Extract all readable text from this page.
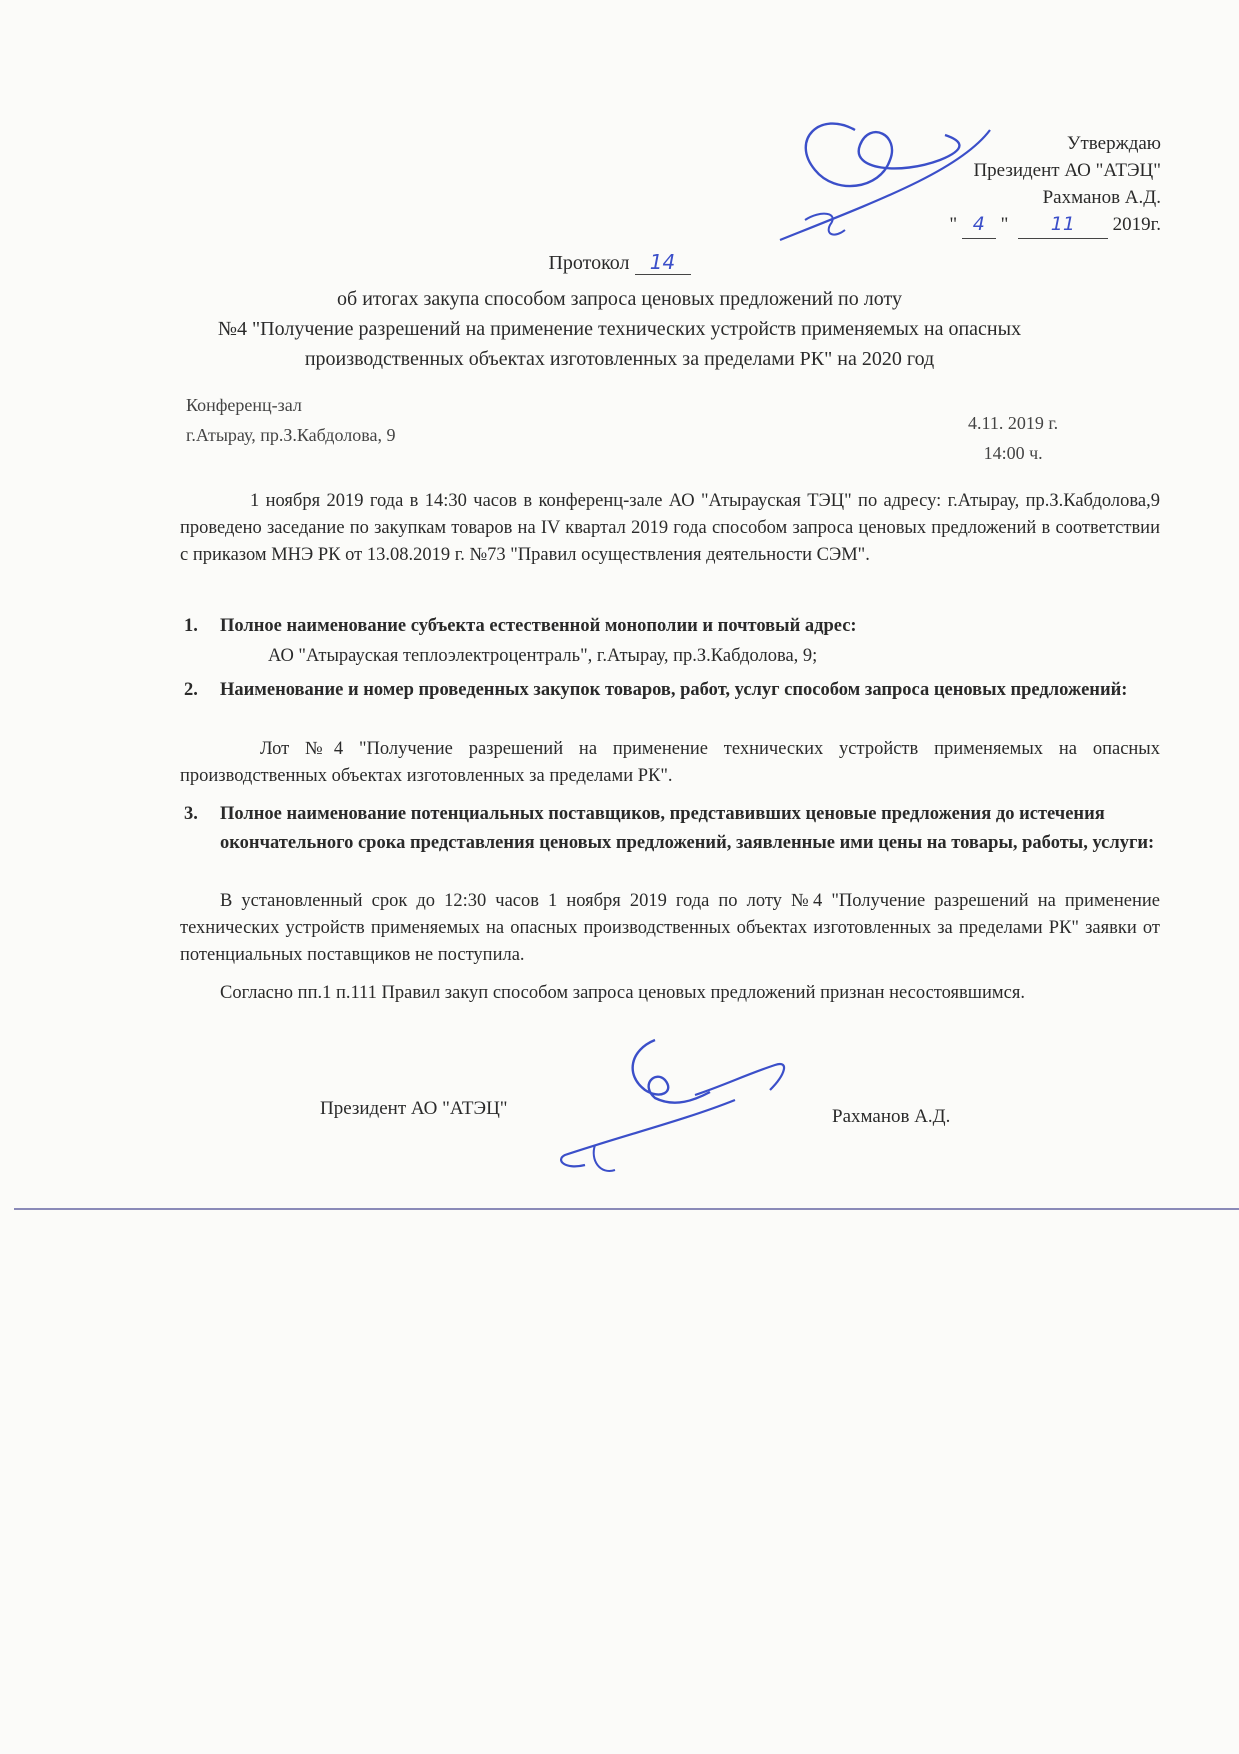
Утверждаю
Президент АО "АТЭЦ"
Рахманов А.Д.
" 4 "  11 2019г.
Протокол 14
об итогах закупа способом запроса ценовых предложений по лоту
№4 "Получение разрешений на применение технических устройств применяемых на опасных
производственных объектах изготовленных за пределами РК" на 2020 год
Конференц-зал
г.Атырау, пр.З.Кабдолова, 9
4.11. 2019 г.
14:00 ч.
1 ноября 2019 года в 14:30 часов в конференц-зале АО "Атырауская ТЭЦ" по адресу: г.Атырау, пр.З.Кабдолова,9 проведено заседание по закупкам товаров на IV квартал 2019 года способом запроса ценовых предложений в соответствии с приказом МНЭ РК от 13.08.2019 г. №73 "Правил осуществления деятельности СЭМ".
1. Полное наименование субъекта естественной монополии и почтовый адрес:
АО "Атырауская теплоэлектроцентраль", г.Атырау, пр.З.Кабдолова, 9;
2. Наименование и номер проведенных закупок товаров, работ, услуг способом запроса ценовых предложений:
Лот №4 "Получение разрешений на применение технических устройств применяемых на опасных производственных объектах изготовленных за пределами РК".
3. Полное наименование потенциальных поставщиков, представивших ценовые предложения до истечения окончательного срока представления ценовых предложений, заявленные ими цены на товары, работы, услуги:
В установленный срок до 12:30 часов 1 ноября 2019 года по лоту №4 "Получение разрешений на применение технических устройств применяемых на опасных производственных объектах изготовленных за пределами РК" заявки от потенциальных поставщиков не поступила.
Согласно пп.1 п.111 Правил закуп способом запроса ценовых предложений признан несостоявшимся.
Президент АО "АТЭЦ"	Рахманов А.Д.
